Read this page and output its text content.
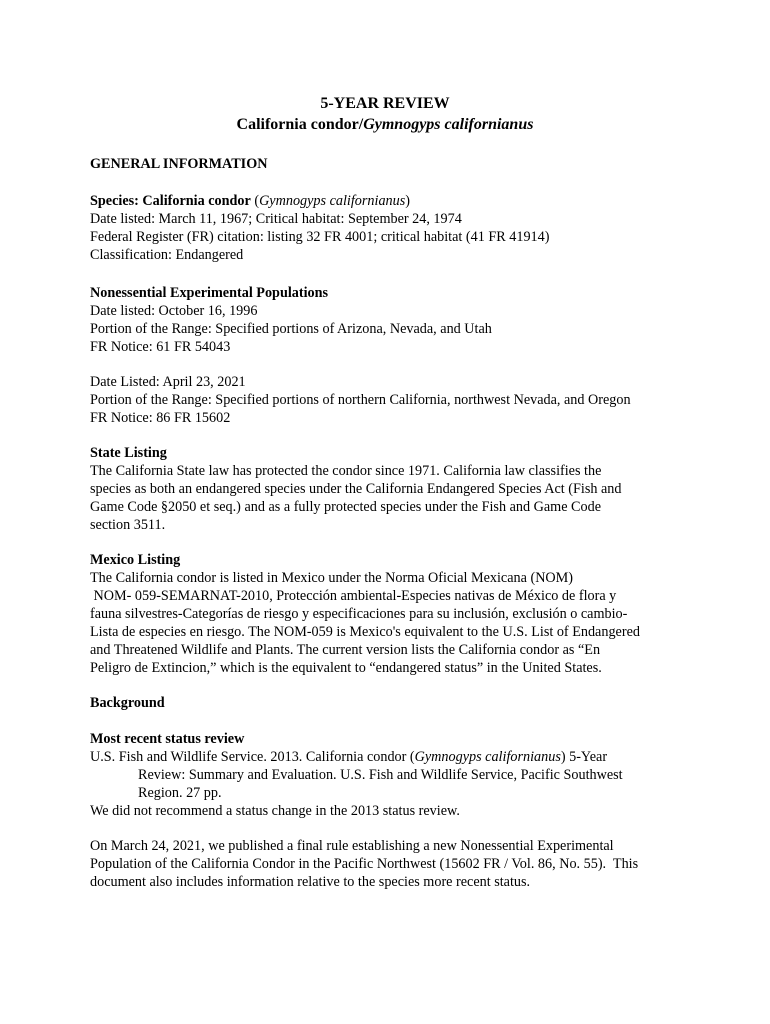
5-YEAR REVIEW
California condor/Gymnogyps californianus

GENERAL INFORMATION

Species: California condor (Gymnogyps californianus)
Date listed: March 11, 1967; Critical habitat: September 24, 1974
Federal Register (FR) citation: listing 32 FR 4001; critical habitat (41 FR 41914)
Classification: Endangered
Nonessential Experimental Populations
Date listed: October 16, 1996
Portion of the Range: Specified portions of Arizona, Nevada, and Utah
FR Notice: 61 FR 54043
Date Listed: April 23, 2021
Portion of the Range: Specified portions of northern California, northwest Nevada, and Oregon
FR Notice: 86 FR 15602
State Listing
The California State law has protected the condor since 1971. California law classifies the
species as both an endangered species under the California Endangered Species Act (Fish and
Game Code §2050 et seq.) and as a fully protected species under the Fish and Game Code
section 3511.
Mexico Listing
The California condor is listed in Mexico under the Norma Oficial Mexicana (NOM)
NOM- 059-SEMARNAT-2010, Protección ambiental-Especies nativas de México de flora y
fauna silvestres-Categorías de riesgo y especificaciones para su inclusión, exclusión o cambio-
Lista de especies en riesgo. The NOM-059 is Mexico's equivalent to the U.S. List of Endangered
and Threatened Wildlife and Plants. The current version lists the California condor as “En
Peligro de Extincion,” which is the equivalent to “endangered status” in the United States.
Background
Most recent status review
U.S. Fish and Wildlife Service. 2013. California condor (Gymnogyps californianus) 5-Year
Review: Summary and Evaluation. U.S. Fish and Wildlife Service, Pacific Southwest
Region. 27 pp.
We did not recommend a status change in the 2013 status review.
On March 24, 2021, we published a final rule establishing a new Nonessential Experimental
Population of the California Condor in the Pacific Northwest (15602 FR / Vol. 86, No. 55).  This
document also includes information relative to the species more recent status.
